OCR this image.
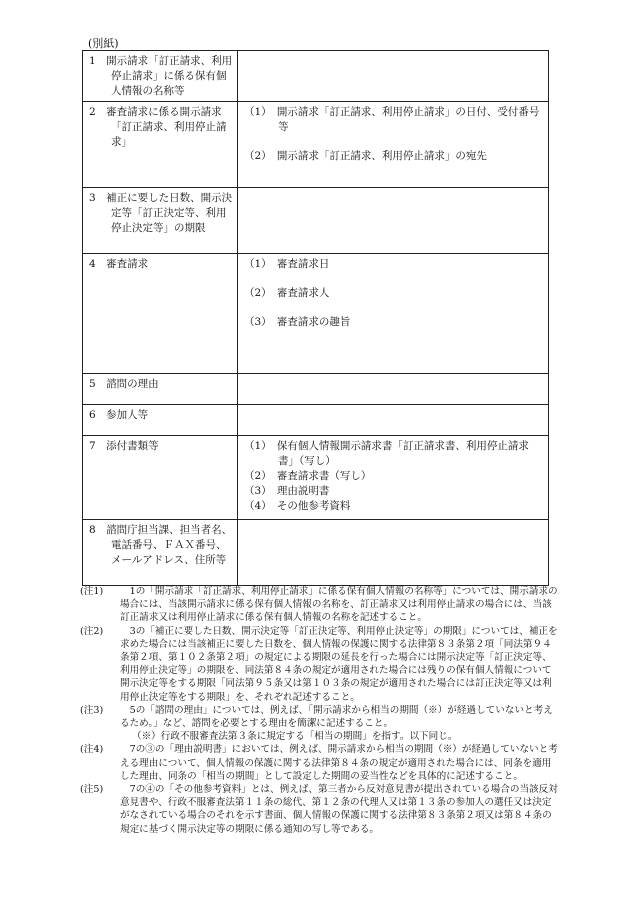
(別紙)
1　開示請求「訂正請求、利用停止請求」に係る保有個人情報の名称等	

2　審査請求に係る開示請求「訂正請求、利用停止請求」	（1）　開示請求「訂正請求、利用停止請求」の日付、受付番号等
（2）　開示請求「訂正請求、利用停止請求」の宛先

3　補正に要した日数、開示決定等「訂正決定等、利用停止決定等」の期限	

4　審査請求	（1）　審査請求日
（2）　審査請求人
（3）　審査請求の趣旨

5　諮問の理由	

6　参加人等	

7　添付書類等	（1）　保有個人情報開示請求書「訂正請求書、利用停止請求書」（写し）
（2）　審査請求書（写し）
（3）　理由説明書
（4）　その他参考資料

8　諮問庁担当課、担当者名、電話番号、ＦＡＸ番号、メールアドレス、住所等	

(注1) 　1の「開示請求「訂正請求、利用停止請求」に係る保有個人情報の名称等」については、開示請求の場合には、当該開示請求に係る保有個人情報の名称を、訂正請求又は利用停止請求の場合には、当該訂正請求又は利用停止請求に係る保有個人情報の名称を記述すること。
(注2) 　3の「補正に要した日数、開示決定等「訂正決定等、利用停止決定等」の期限」については、補正を求めた場合には当該補正に要した日数を、個人情報の保護に関する法律第８３条第２項「同法第９４条第２項、第１０２条第２項」の規定による期限の延長を行った場合には開示決定等「訂正決定等、利用停止決定等」の期限を、同法第８４条の規定が適用された場合には残りの保有個人情報について開示決定等をする期限「同法第９５条又は第１０３条の規定が適用された場合には訂正決定等又は利用停止決定等をする期限」を、それぞれ記述すること。
(注3) 　5の「諮問の理由」については、例えば、「開示請求から相当の期間（※）が経過していないと考えるため。」など、諮問を必要とする理由を簡潔に記述すること。
（※）行政不服審査法第３条に規定する「相当の期間」を指す。以下同じ。
(注4) 　7の③の「理由説明書」においては、例えば、開示請求から相当の期間（※）が経過していないと考える理由について、個人情報の保護に関する法律第８４条の規定が適用された場合には、同条を適用した理由、同条の「相当の期間」として設定した期間の妥当性などを具体的に記述すること。
(注5) 　7の④の「その他参考資料」とは、例えば、第三者から反対意見書が提出されている場合の当該反対意見書や、行政不服審査法第１１条の総代、第１２条の代理人又は第１３条の参加人の選任又は決定がなされている場合のそれを示す書面、個人情報の保護に関する法律第８３条第２項又は第８４条の規定に基づく開示決定等の期限に係る通知の写し等である。
